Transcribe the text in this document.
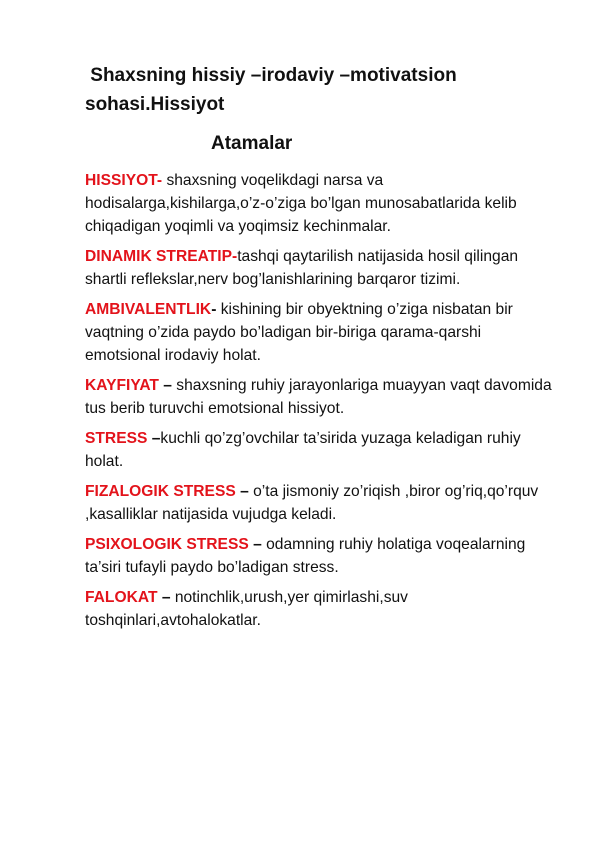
Shaxsning hissiy –irodaviy –motivatsion sohasi.Hissiyot
Atamalar

HISSIYOT- shaxsning voqelikdagi narsa va hodisalarga,kishilarga,o’z-o’ziga bo’lgan munosabatlarida kelib chiqadigan yoqimli va yoqimsiz kechinmalar.

DINAMIK STREATIP-tashqi qaytarilish natijasida hosil qilingan shartli reflekslar,nerv bog’lanishlarining barqaror tizimi.

AMBIVALENTLIK- kishining bir obyektning o’ziga nisbatan bir vaqtning o’zida paydo bo’ladigan bir-biriga qarama-qarshi emotsional irodaviy holat.

KAYFIYAT – shaxsning ruhiy jarayonlariga muayyan vaqt davomida tus berib turuvchi emotsional hissiyot.

STRESS –kuchli qo’zg’ovchilar ta’sirida yuzaga keladigan ruhiy holat.

FIZALOGIK STRESS – o’ta jismoniy zo’riqish ,biror og’riq,qo’rquv ,kasalliklar natijasida vujudga keladi.

PSIXOLOGIK STRESS – odamning ruhiy holatiga voqealarning ta’siri tufayli paydo bo’ladigan stress.

FALOKAT – notinchlik,urush,yer qimirlashi,suv toshqinlari,avtohalokatlar.
